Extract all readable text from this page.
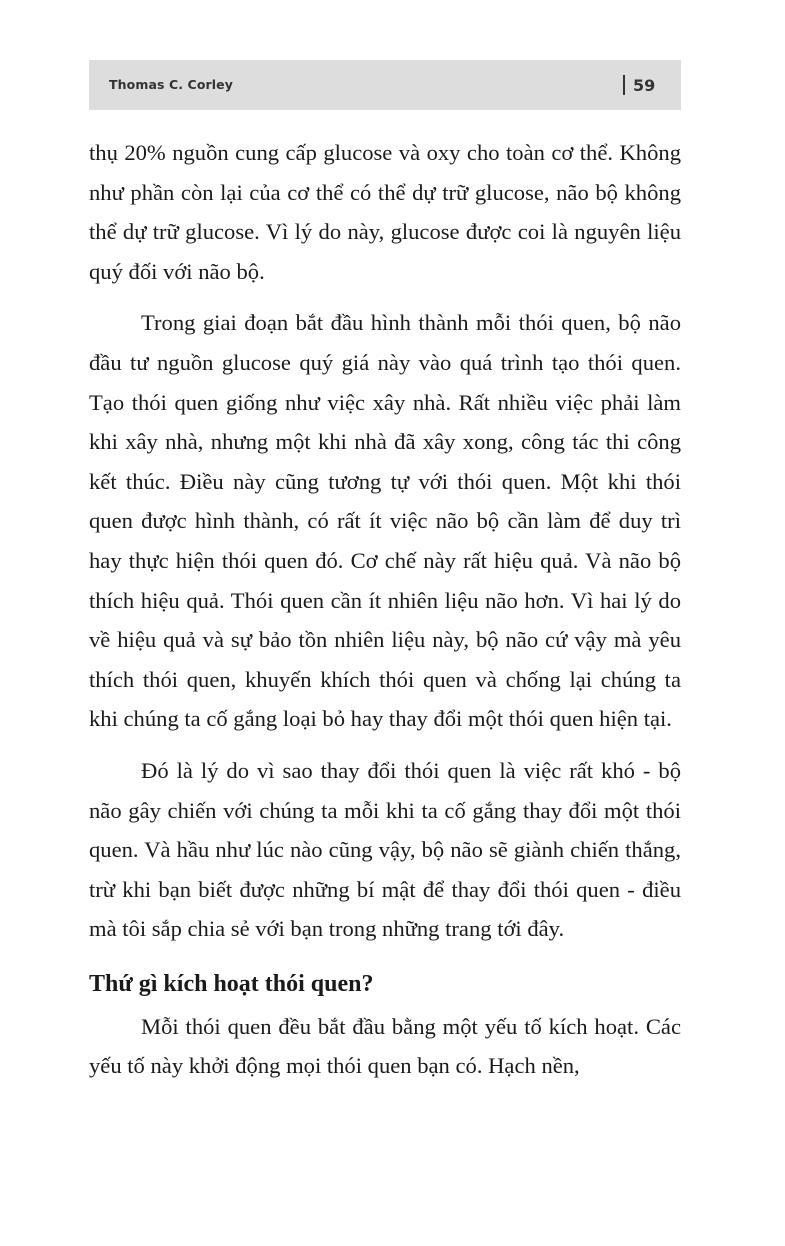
Thomas C. Corley	59

thụ 20% nguồn cung cấp glucose và oxy cho toàn cơ thể. Không như phần còn lại của cơ thể có thể dự trữ glucose, não bộ không thể dự trữ glucose. Vì lý do này, glucose được coi là nguyên liệu quý đối với não bộ.

Trong giai đoạn bắt đầu hình thành mỗi thói quen, bộ não đầu tư nguồn glucose quý giá này vào quá trình tạo thói quen. Tạo thói quen giống như việc xây nhà. Rất nhiều việc phải làm khi xây nhà, nhưng một khi nhà đã xây xong, công tác thi công kết thúc. Điều này cũng tương tự với thói quen. Một khi thói quen được hình thành, có rất ít việc não bộ cần làm để duy trì hay thực hiện thói quen đó. Cơ chế này rất hiệu quả. Và não bộ thích hiệu quả. Thói quen cần ít nhiên liệu não hơn. Vì hai lý do về hiệu quả và sự bảo tồn nhiên liệu này, bộ não cứ vậy mà yêu thích thói quen, khuyến khích thói quen và chống lại chúng ta khi chúng ta cố gắng loại bỏ hay thay đổi một thói quen hiện tại.

Đó là lý do vì sao thay đổi thói quen là việc rất khó - bộ não gây chiến với chúng ta mỗi khi ta cố gắng thay đổi một thói quen. Và hầu như lúc nào cũng vậy, bộ não sẽ giành chiến thắng, trừ khi bạn biết được những bí mật để thay đổi thói quen - điều mà tôi sắp chia sẻ với bạn trong những trang tới đây.

Thứ gì kích hoạt thói quen?

Mỗi thói quen đều bắt đầu bằng một yếu tố kích hoạt. Các yếu tố này khởi động mọi thói quen bạn có. Hạch nền,
